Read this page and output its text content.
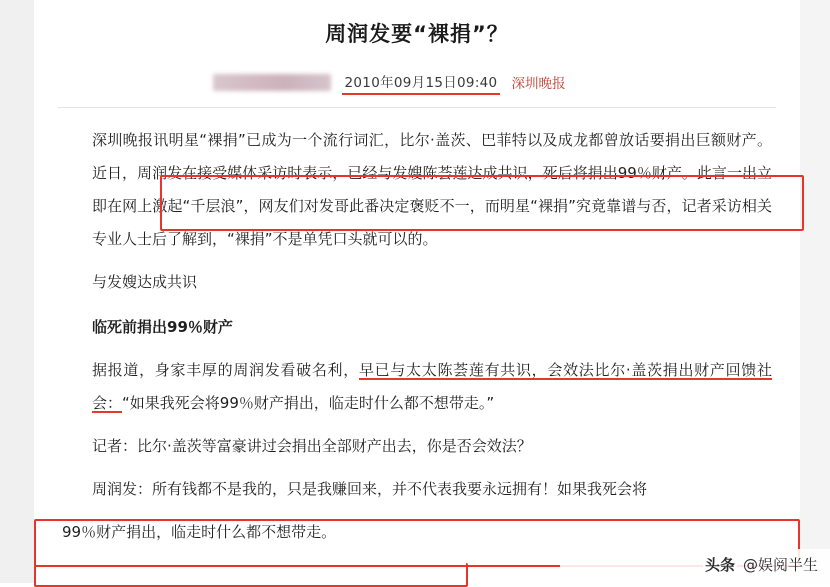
周润发要“裸捐”？
2010年09月15日09:40 深圳晚报

深圳晚报讯明星“裸捐”已成为一个流行词汇，比尔·盖茨、巴菲特以及成龙都曾放话要捐出巨额财产。近日，周润发在接受媒体采访时表示，已经与发嫂陈荟莲达成共识，死后将捐出99％财产。此言一出立即在网上激起“千层浪”，网友们对发哥此番决定褒贬不一，而明星“裸捐”究竟靠谱与否，记者采访相关专业人士后了解到，“裸捐”不是单凭口头就可以的。

与发嫂达成共识

临死前捐出99％财产

据报道，身家丰厚的周润发看破名利，早已与太太陈荟莲有共识，会效法比尔·盖茨捐出财产回馈社会：“如果我死会将99％财产捐出，临走时什么都不想带走。”

记者：比尔·盖茨等富豪讲过会捐出全部财产出去，你是否会效法？

周润发：所有钱都不是我的，只是我赚回来，并不代表我要永远拥有！如果我死会将

99％财产捐出，临走时什么都不想带走。

头条 @娱阅半生
